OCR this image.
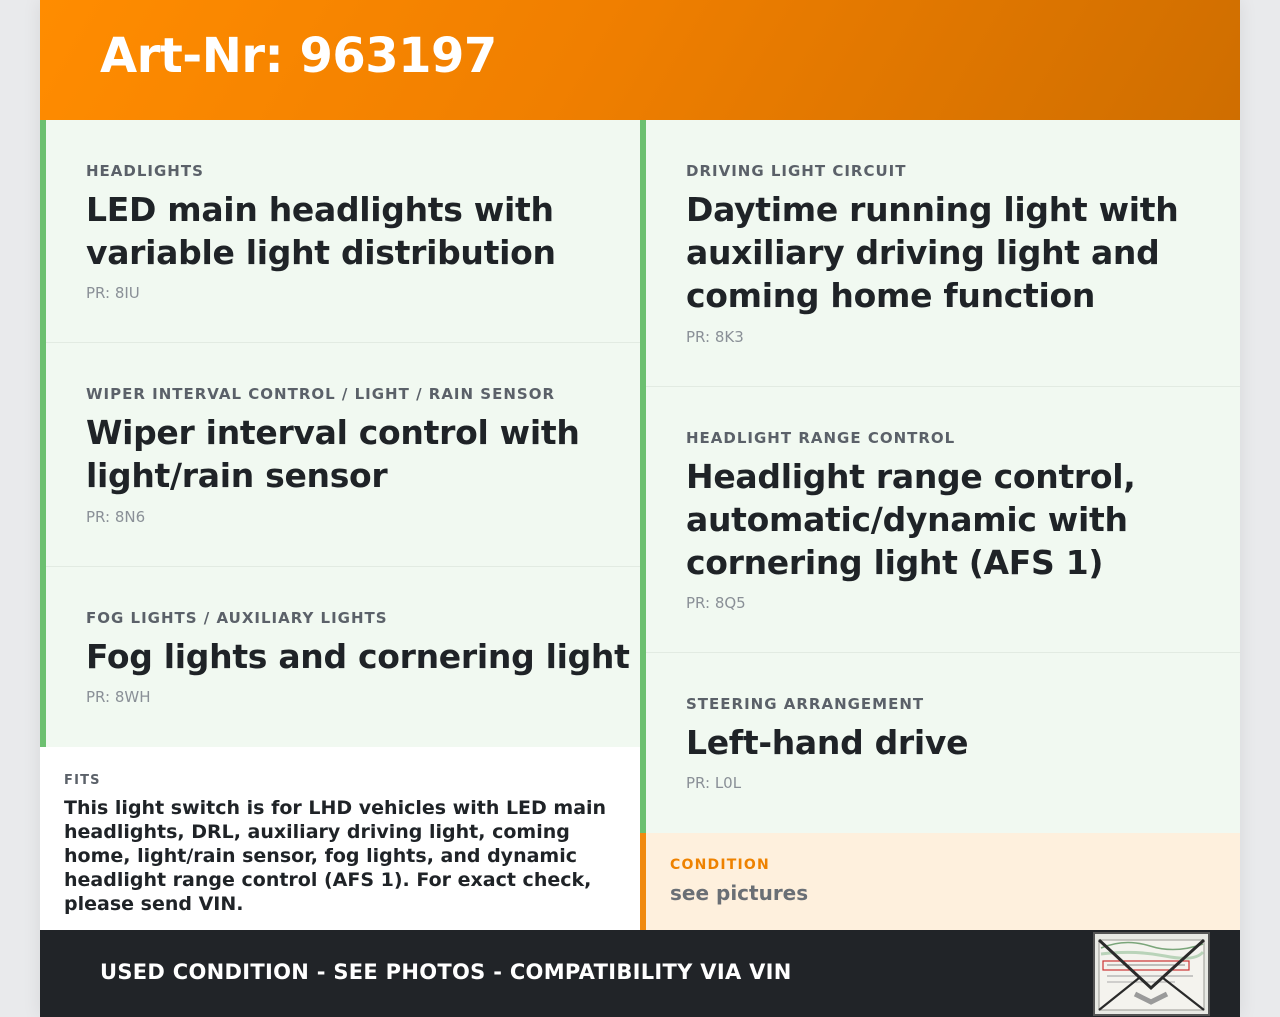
Art-Nr: 963197
HEADLIGHTS
LED main headlights with variable light distribution
PR: 8IU
WIPER INTERVAL CONTROL / LIGHT / RAIN SENSOR
Wiper interval control with light/rain sensor
PR: 8N6
FOG LIGHTS / AUXILIARY LIGHTS
Fog lights and cornering light
PR: 8WH
FITS
This light switch is for LHD vehicles with LED main headlights, DRL, auxiliary driving light, coming home, light/rain sensor, fog lights, and dynamic headlight range control (AFS 1). For exact check, please send VIN.
DRIVING LIGHT CIRCUIT
Daytime running light with auxiliary driving light and coming home function
PR: 8K3
HEADLIGHT RANGE CONTROL
Headlight range control, automatic/dynamic with cornering light (AFS 1)
PR: 8Q5
STEERING ARRANGEMENT
Left-hand drive
PR: L0L
CONDITION
see pictures
USED CONDITION - SEE PHOTOS - COMPATIBILITY VIA VIN
